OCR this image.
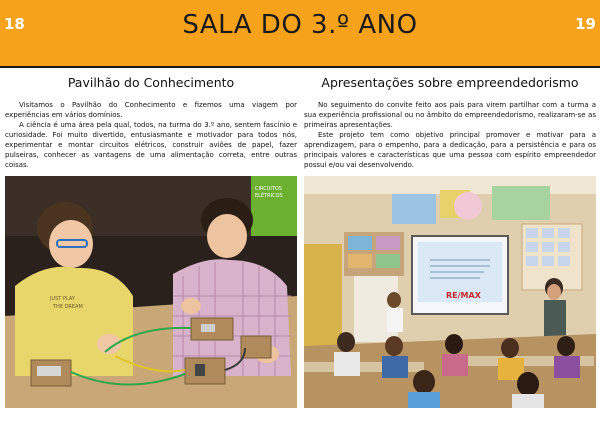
18	SALA DO 3.º ANO	19
Pavilhão do Conhecimento

Visitamos o Pavilhão do Conhecimento e fizemos uma viagem por experiências em vários domínios.

A ciência é uma área pela qual, todos, na turma do 3.º ano, sentem fascínio e curiosidade. Foi muito divertido, entusiasmante e motivador para todos nós, experimentar e montar circuitos elétricos, construir aviões de papel, fazer pulseiras, conhecer as vantagens de uma alimentação correta, entre outras coisas.

Apresentações sobre empreendedorismo

No seguimento do convite feito aos pais para virem partilhar com a turma a sua experiência profissional ou no âmbito do empreendedorismo, realizaram-se as primeiras apresentações.

Este projeto tem como objetivo principal promover e motivar para a aprendizagem, para o empenho, para a dedicação, para a persistência e para os principais valores e características que uma pessoa com espírito empreendedor possui e/ou vai desenvolvendo.

CIRCUITOS
ELÉTRICOS
JUST PLAY
THE DREAM
RE/MAX
